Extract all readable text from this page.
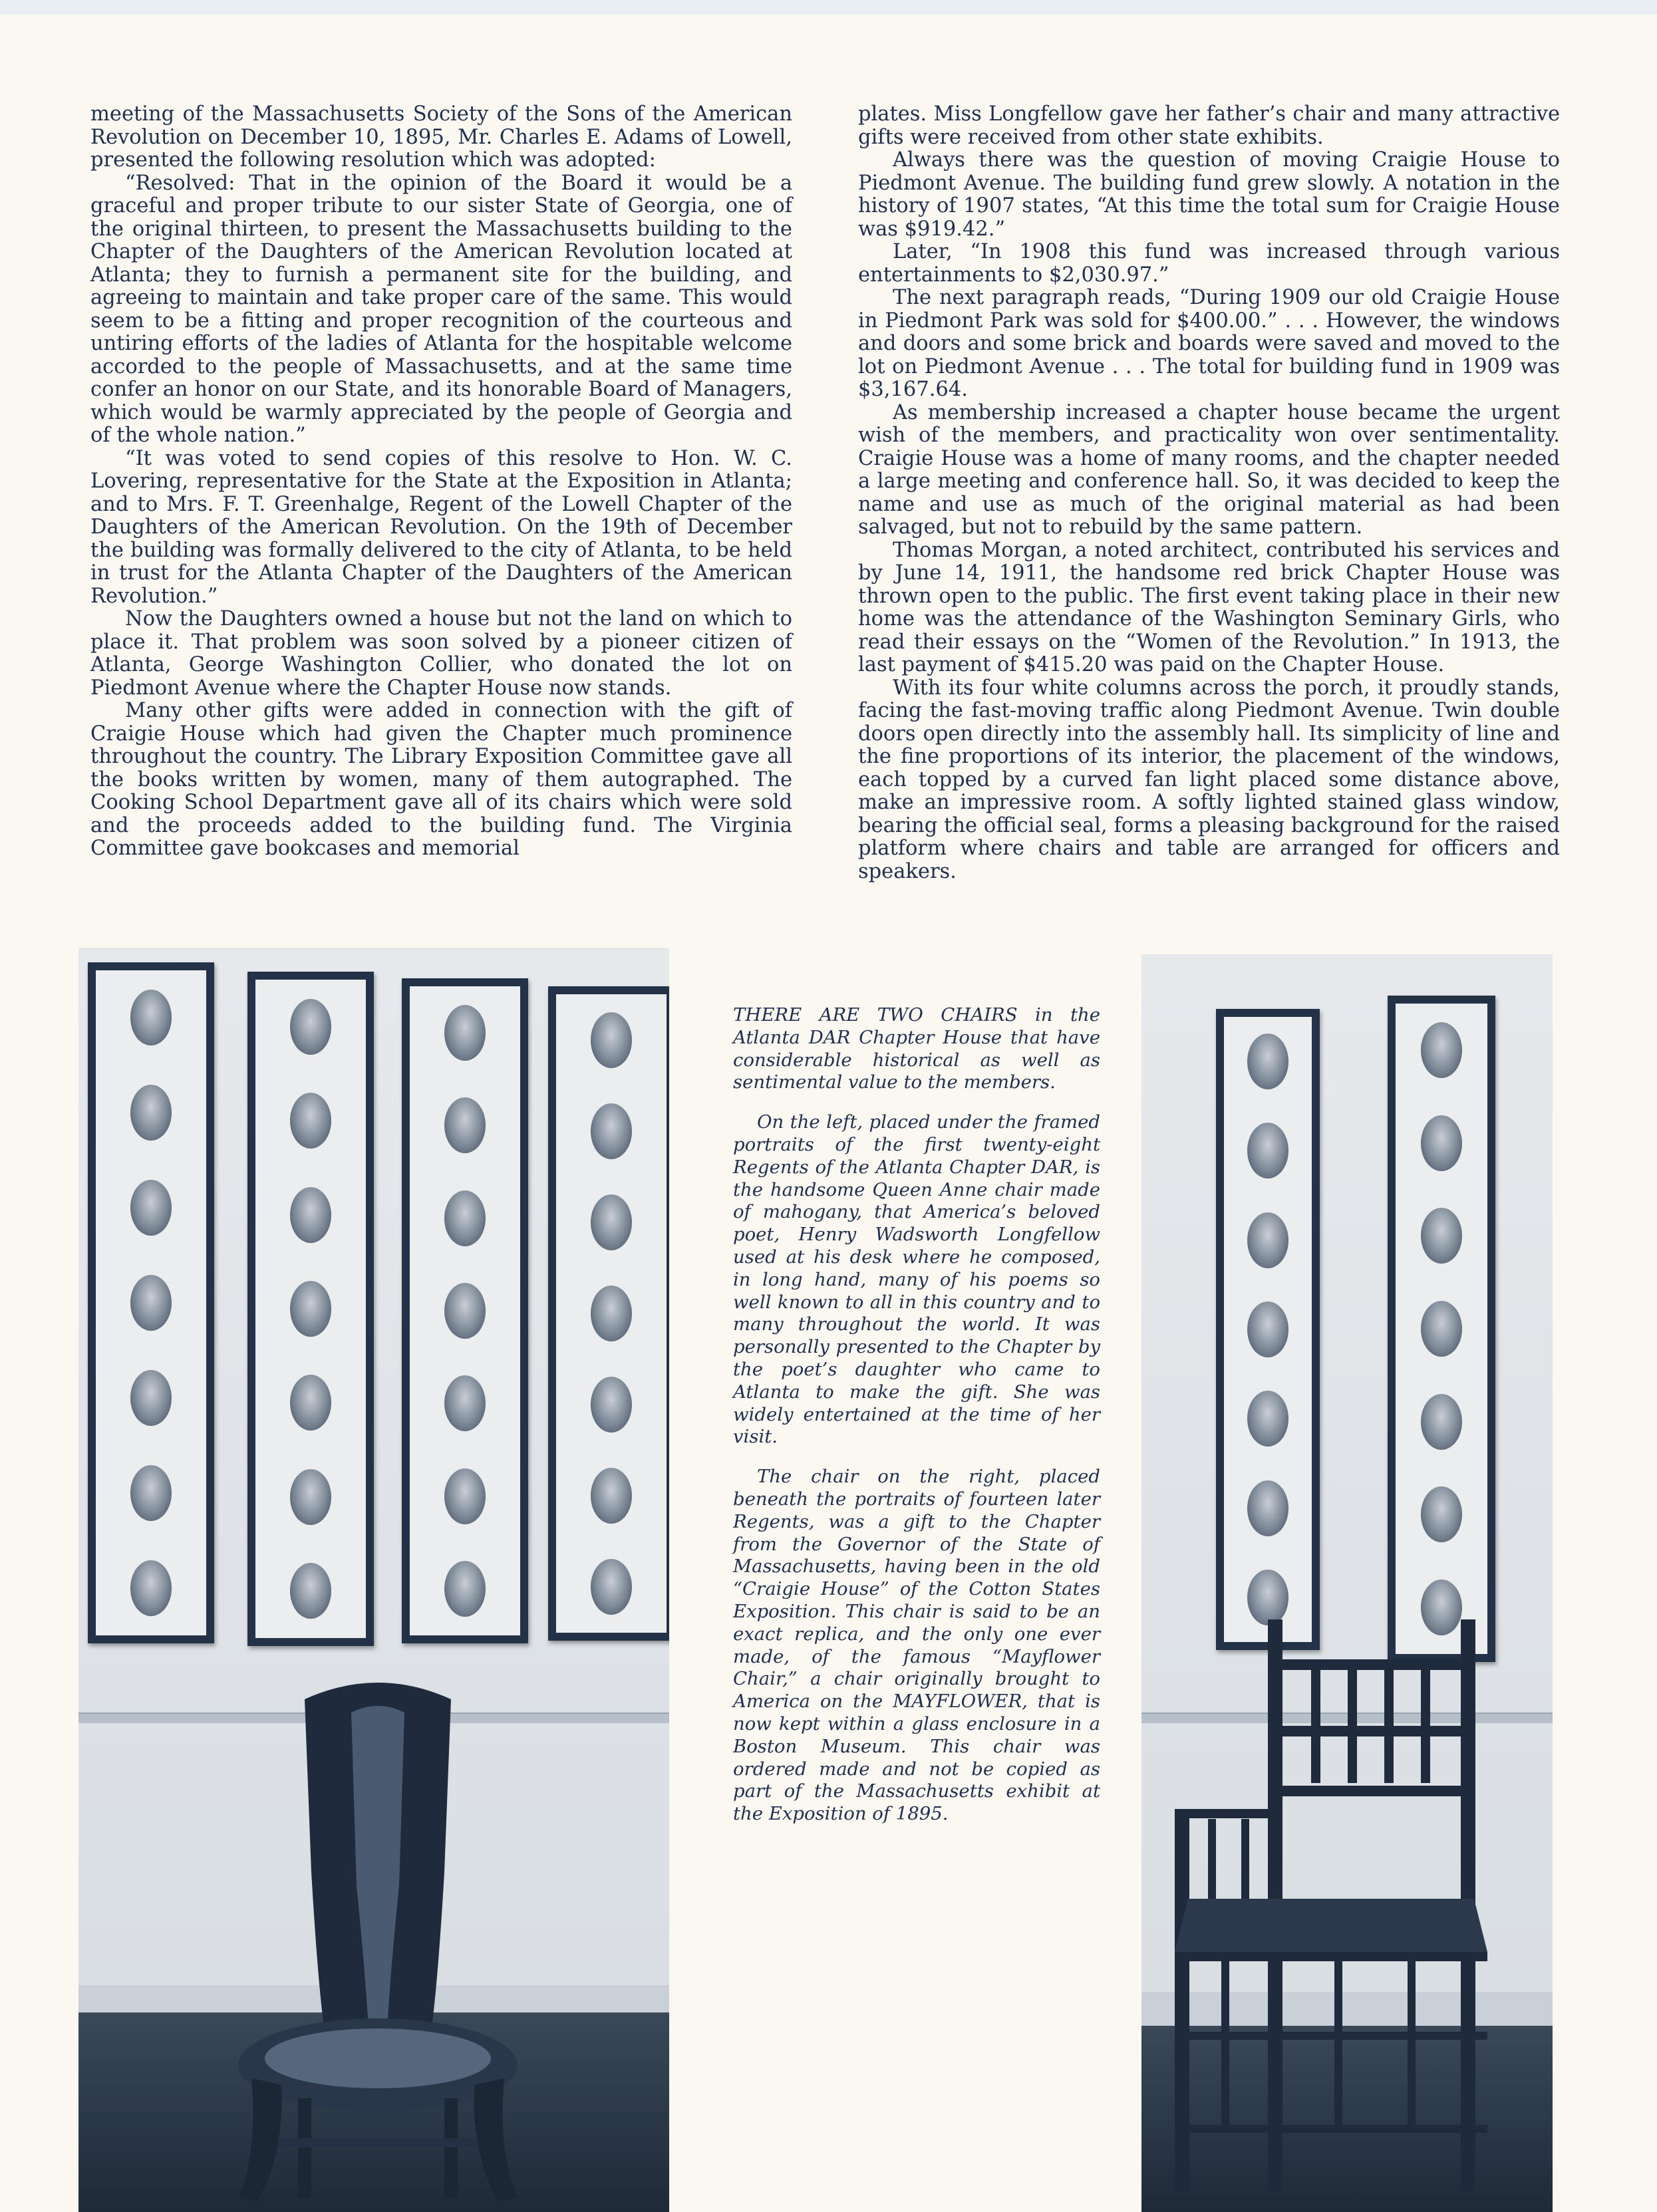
meeting of the Massachusetts Society of the Sons of the American Revolution on December 10, 1895, Mr. Charles E. Adams of Lowell, presented the following resolution which was adopted:

“Resolved: That in the opinion of the Board it would be a graceful and proper tribute to our sister State of Georgia, one of the original thirteen, to present the Massachusetts building to the Chapter of the Daughters of the American Revolution located at Atlanta; they to furnish a permanent site for the building, and agreeing to maintain and take proper care of the same. This would seem to be a fitting and proper recognition of the courteous and untiring efforts of the ladies of Atlanta for the hospitable welcome accorded to the people of Massachusetts, and at the same time confer an honor on our State, and its honorable Board of Managers, which would be warmly appreciated by the people of Georgia and of the whole nation.”

“It was voted to send copies of this resolve to Hon. W. C. Lovering, representative for the State at the Exposition in Atlanta; and to Mrs. F. T. Greenhalge, Regent of the Lowell Chapter of the Daughters of the American Revolution. On the 19th of December the building was formally delivered to the city of Atlanta, to be held in trust for the Atlanta Chapter of the Daughters of the American Revolution.”

Now the Daughters owned a house but not the land on which to place it. That problem was soon solved by a pioneer citizen of Atlanta, George Washington Collier, who donated the lot on Piedmont Avenue where the Chapter House now stands.

Many other gifts were added in connection with the gift of Craigie House which had given the Chapter much prominence throughout the country. The Library Exposition Committee gave all the books written by women, many of them autographed. The Cooking School Department gave all of its chairs which were sold and the proceeds added to the building fund. The Virginia Committee gave bookcases and memorial

plates. Miss Longfellow gave her father’s chair and many attractive gifts were received from other state exhibits.

Always there was the question of moving Craigie House to Piedmont Avenue. The building fund grew slowly. A notation in the history of 1907 states, “At this time the total sum for Craigie House was $919.42.”

Later, “In 1908 this fund was increased through various entertainments to $2,030.97.”

The next paragraph reads, “During 1909 our old Craigie House in Piedmont Park was sold for $400.00.” . . . However, the windows and doors and some brick and boards were saved and moved to the lot on Piedmont Avenue . . . The total for building fund in 1909 was $3,167.64.

As membership increased a chapter house became the urgent wish of the members, and practicality won over sentimentality. Craigie House was a home of many rooms, and the chapter needed a large meeting and conference hall. So, it was decided to keep the name and use as much of the original material as had been salvaged, but not to rebuild by the same pattern.

Thomas Morgan, a noted architect, contributed his services and by June 14, 1911, the handsome red brick Chapter House was thrown open to the public. The first event taking place in their new home was the attendance of the Washington Seminary Girls, who read their essays on the “Women of the Revolution.” In 1913, the last payment of $415.20 was paid on the Chapter House.

With its four white columns across the porch, it proudly stands, facing the fast-moving traffic along Piedmont Avenue. Twin double doors open directly into the assembly hall. Its simplicity of line and the fine proportions of its interior, the placement of the windows, each topped by a curved fan light placed some distance above, make an impressive room. A softly lighted stained glass window, bearing the official seal, forms a pleasing background for the raised platform where chairs and table are arranged for officers and speakers.

THERE ARE TWO CHAIRS in the Atlanta DAR Chapter House that have considerable historical as well as sentimental value to the members.

On the left, placed under the framed portraits of the first twenty-eight Regents of the Atlanta Chapter DAR, is the handsome Queen Anne chair made of mahogany, that America’s beloved poet, Henry Wadsworth Longfellow used at his desk where he composed, in long hand, many of his poems so well known to all in this country and to many throughout the world. It was personally presented to the Chapter by the poet’s daughter who came to Atlanta to make the gift. She was widely entertained at the time of her visit.

The chair on the right, placed beneath the portraits of fourteen later Regents, was a gift to the Chapter from the Governor of the State of Massachusetts, having been in the old “Craigie House” of the Cotton States Exposition. This chair is said to be an exact replica, and the only one ever made, of the famous “Mayflower Chair,” a chair originally brought to America on the MAYFLOWER, that is now kept within a glass enclosure in a Boston Museum. This chair was ordered made and not be copied as part of the Massachusetts exhibit at the Exposition of 1895.
